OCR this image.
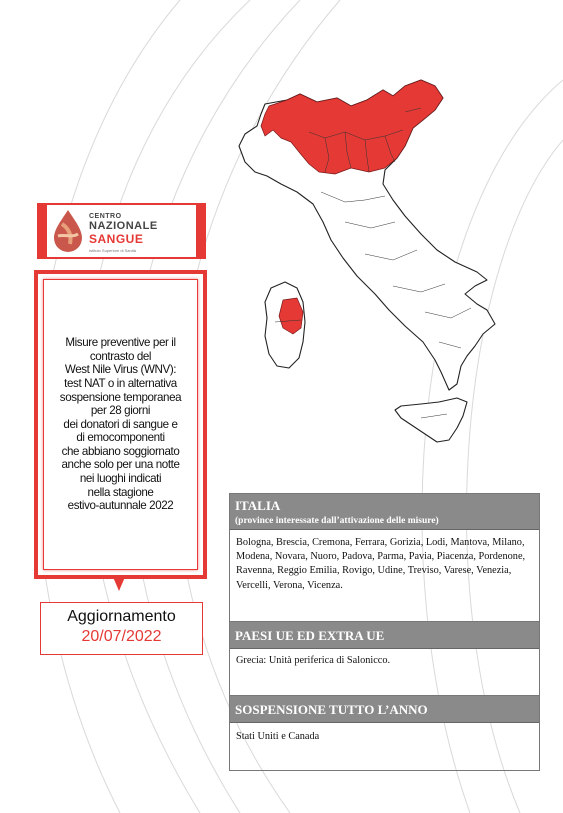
CENTRO
NAZIONALE
SANGUE
Istituto Superiore di Sanità
Misure preventive per il
contrasto del
West Nile Virus (WNV):
test NAT o in alternativa
sospensione temporanea
per 28 giorni
dei donatori di sangue e
di emocomponenti
che abbiano soggiornato
anche solo per una notte
nei luoghi indicati
nella stagione
estivo-autunnale 2022
Aggiornamento
20/07/2022
ITALIA
(province interessate dall’attivazione delle misure)
Bologna, Brescia, Cremona, Ferrara, Gorizia, Lodi, Mantova, Milano, Modena, Novara, Nuoro, Padova, Parma, Pavia, Piacenza, Pordenone, Ravenna, Reggio Emilia, Rovigo, Udine, Treviso, Varese, Venezia, Vercelli, Verona, Vicenza.
PAESI UE ED EXTRA UE
Grecia: Unità periferica di Salonicco.
SOSPENSIONE TUTTO L’ANNO
Stati Uniti e Canada
